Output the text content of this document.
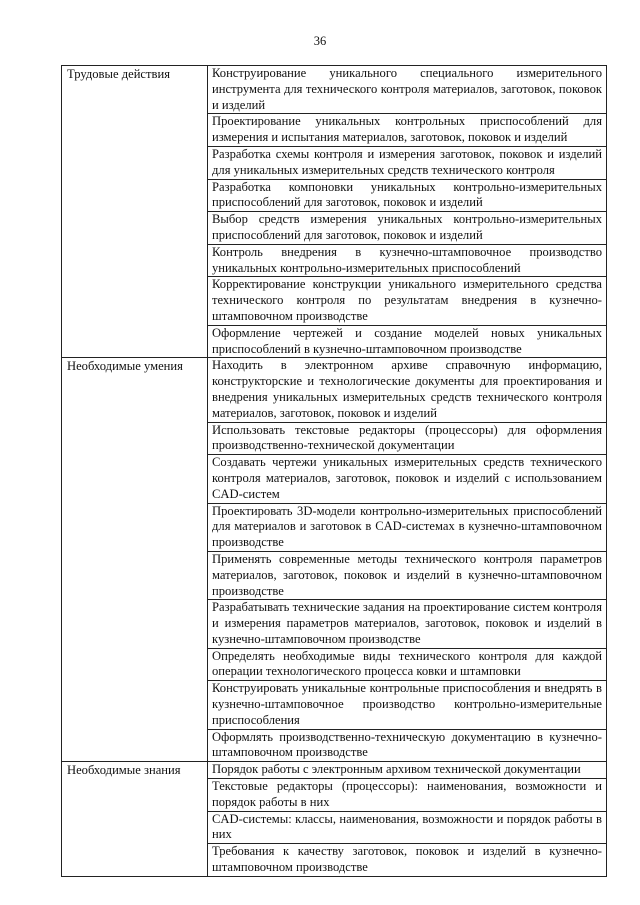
36
Трудовые действия	Конструирование уникального специального измерительного инструмента для технического контроля материалов, заготовок, поковок и изделий
	Проектирование уникальных контрольных приспособлений для измерения и испытания материалов, заготовок, поковок и изделий
	Разработка схемы контроля и измерения заготовок, поковок и изделий для уникальных измерительных средств технического контроля
	Разработка компоновки уникальных контрольно-измерительных приспособлений для заготовок, поковок и изделий
	Выбор средств измерения уникальных контрольно-измерительных приспособлений для заготовок, поковок и изделий
	Контроль внедрения в кузнечно-штамповочное производство уникальных контрольно-измерительных приспособлений
	Корректирование конструкции уникального измерительного средства технического контроля по результатам внедрения в кузнечно-штамповочном производстве
	Оформление чертежей и создание моделей новых уникальных приспособлений в кузнечно-штамповочном производстве
Необходимые умения	Находить в электронном архиве справочную информацию, конструкторские и технологические документы для проектирования и внедрения уникальных измерительных средств технического контроля материалов, заготовок, поковок и изделий
	Использовать текстовые редакторы (процессоры) для оформления производственно-технической документации
	Создавать чертежи уникальных измерительных средств технического контроля материалов, заготовок, поковок и изделий с использованием CAD-систем
	Проектировать 3D-модели контрольно-измерительных приспособлений для материалов и заготовок в CAD-системах в кузнечно-штамповочном производстве
	Применять современные методы технического контроля параметров материалов, заготовок, поковок и изделий в кузнечно-штамповочном производстве
	Разрабатывать технические задания на проектирование систем контроля и измерения параметров материалов, заготовок, поковок и изделий в кузнечно-штамповочном производстве
	Определять необходимые виды технического контроля для каждой операции технологического процесса ковки и штамповки
	Конструировать уникальные контрольные приспособления и внедрять в кузнечно-штамповочное производство контрольно-измерительные приспособления
	Оформлять производственно-техническую документацию в кузнечно-штамповочном производстве
Необходимые знания	Порядок работы с электронным архивом технической документации
	Текстовые редакторы (процессоры): наименования, возможности и порядок работы в них
	CAD-системы: классы, наименования, возможности и порядок работы в них
	Требования к качеству заготовок, поковок и изделий в кузнечно-штамповочном производстве
